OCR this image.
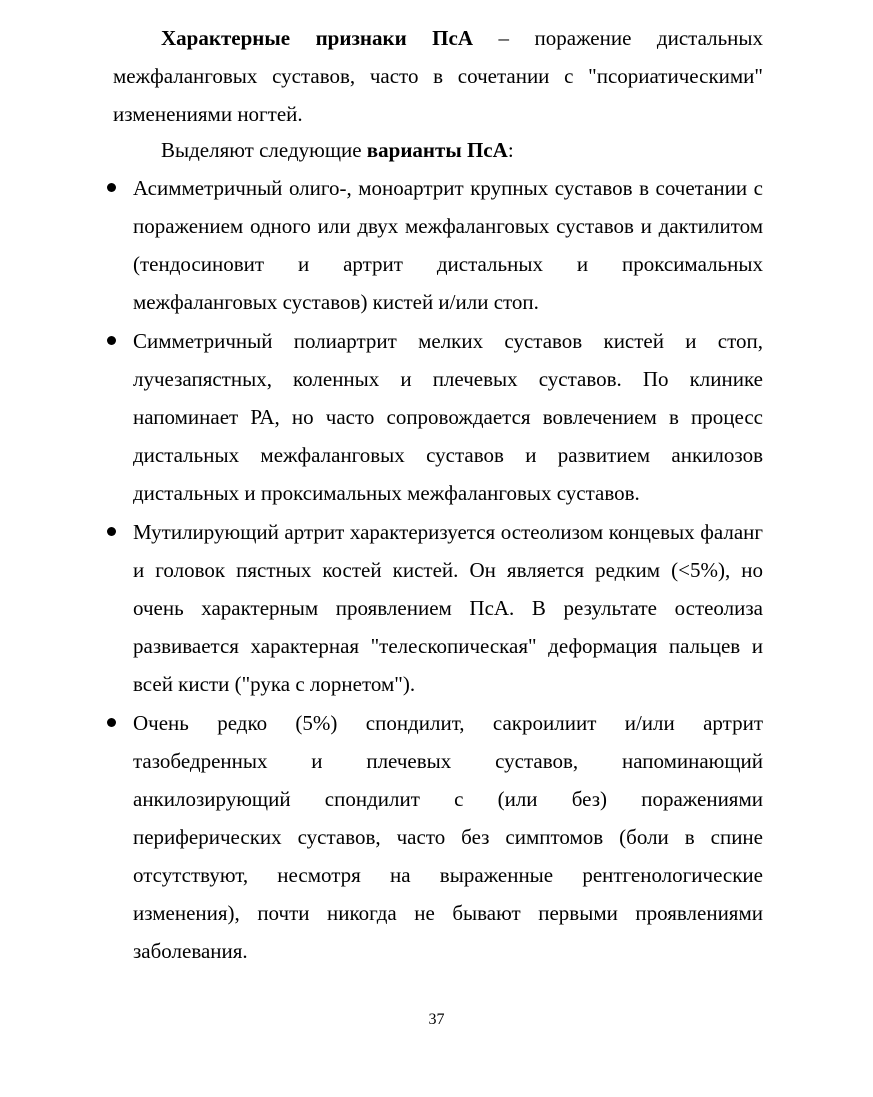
Характерные признаки ПсА – поражение дистальных межфаланговых суставов, часто в сочетании с "псориатическими" изменениями ногтей.

Выделяют следующие варианты ПсА:

Асимметричный олиго-, моноартрит крупных суставов в сочетании с поражением одного или двух межфаланговых суставов и дактилитом (тендосиновит и артрит дистальных и проксимальных межфаланговых суставов) кистей и/или стоп.
Симметричный полиартрит мелких суставов кистей и стоп, лучезапястных, коленных и плечевых суставов. По клинике напоминает РА, но часто сопровождается вовлечением в процесс дистальных межфаланговых суставов и развитием анкилозов дистальных и проксимальных межфаланговых суставов.
Мутилирующий артрит характеризуется остеолизом концевых фаланг и головок пястных костей кистей. Он является редким (<5%), но очень характерным проявлением ПсА. В результате остеолиза развивается характерная "телескопическая" деформация пальцев и всей кисти ("рука с лорнетом").
Очень редко (5%) спондилит, сакроилиит и/или артрит тазобедренных и плечевых суставов, напоминающий анкилозирующий спондилит с (или без) поражениями периферических суставов, часто без симптомов (боли в спине отсутствуют, несмотря на выраженные рентгенологические изменения), почти никогда не бывают первыми проявлениями заболевания.
37
